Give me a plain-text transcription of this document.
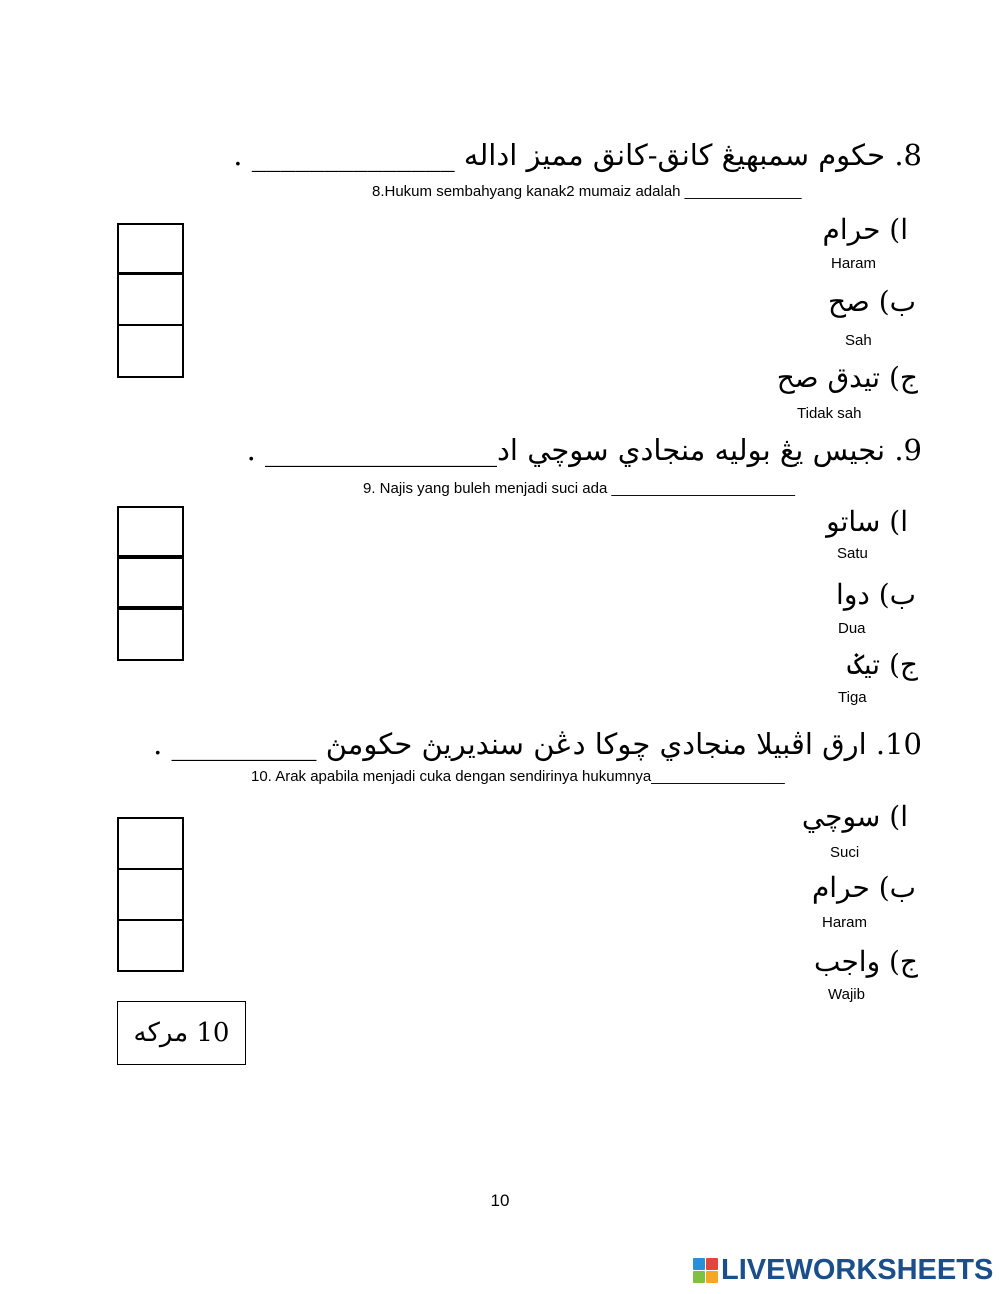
8. حکوم سمبهيڠ کانق-کانق مميز اداله ______________ .
8.Hukum sembahyang kanak2 mumaiz adalah ______________
ا) حرام
Haram
ب) صح
Sah
ج) تيدق صح
Tidak sah
9. نجيس يڠ بوليه منجادي سوچي اد________________ .
9. Najis yang buleh menjadi suci ada ______________________
ا) ساتو
Satu
ب) دوا
Dua
ج) تيݢ
Tiga
10. ارق اڤبيلا منجادي چوکا دڠن سنديريڽ حکومڽ __________ .
10. Arak apabila menjadi cuka dengan sendirinya hukumnya________________
ا) سوچي
Suci
ب) حرام
Haram
ج) واجب
Wajib
10 مرکه
10
LIVEWORKSHEETS
